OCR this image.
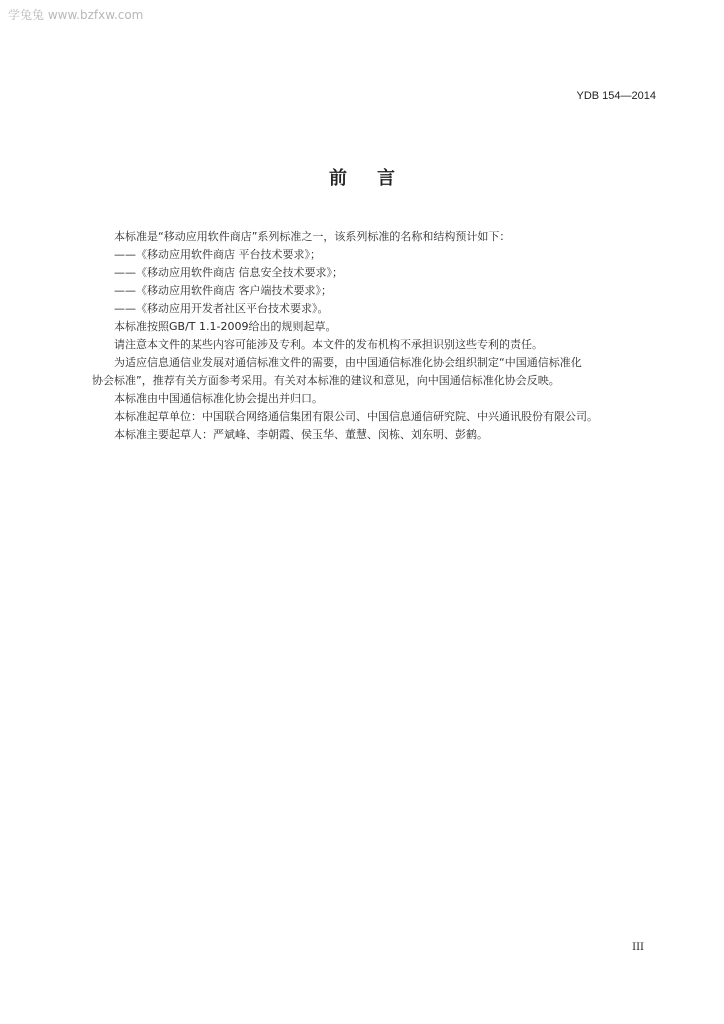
学兔兔 www.bzfxw.com
YDB 154—2014
前言

本标准是“移动应用软件商店”系列标准之一，该系列标准的名称和结构预计如下：

——《移动应用软件商店 平台技术要求》；

——《移动应用软件商店 信息安全技术要求》；

——《移动应用软件商店 客户端技术要求》；

——《移动应用开发者社区平台技术要求》。

本标准按照GB/T 1.1-2009给出的规则起草。

请注意本文件的某些内容可能涉及专利。本文件的发布机构不承担识别这些专利的责任。

为适应信息通信业发展对通信标准文件的需要，由中国通信标准化协会组织制定“中国通信标准化

协会标准”，推荐有关方面参考采用。有关对本标准的建议和意见，向中国通信标准化协会反映。

本标准由中国通信标准化协会提出并归口。

本标准起草单位：中国联合网络通信集团有限公司、中国信息通信研究院、中兴通讯股份有限公司。

本标准主要起草人：严斌峰、李朝霞、侯玉华、董慧、闵栋、刘东明、彭鹤。

III
